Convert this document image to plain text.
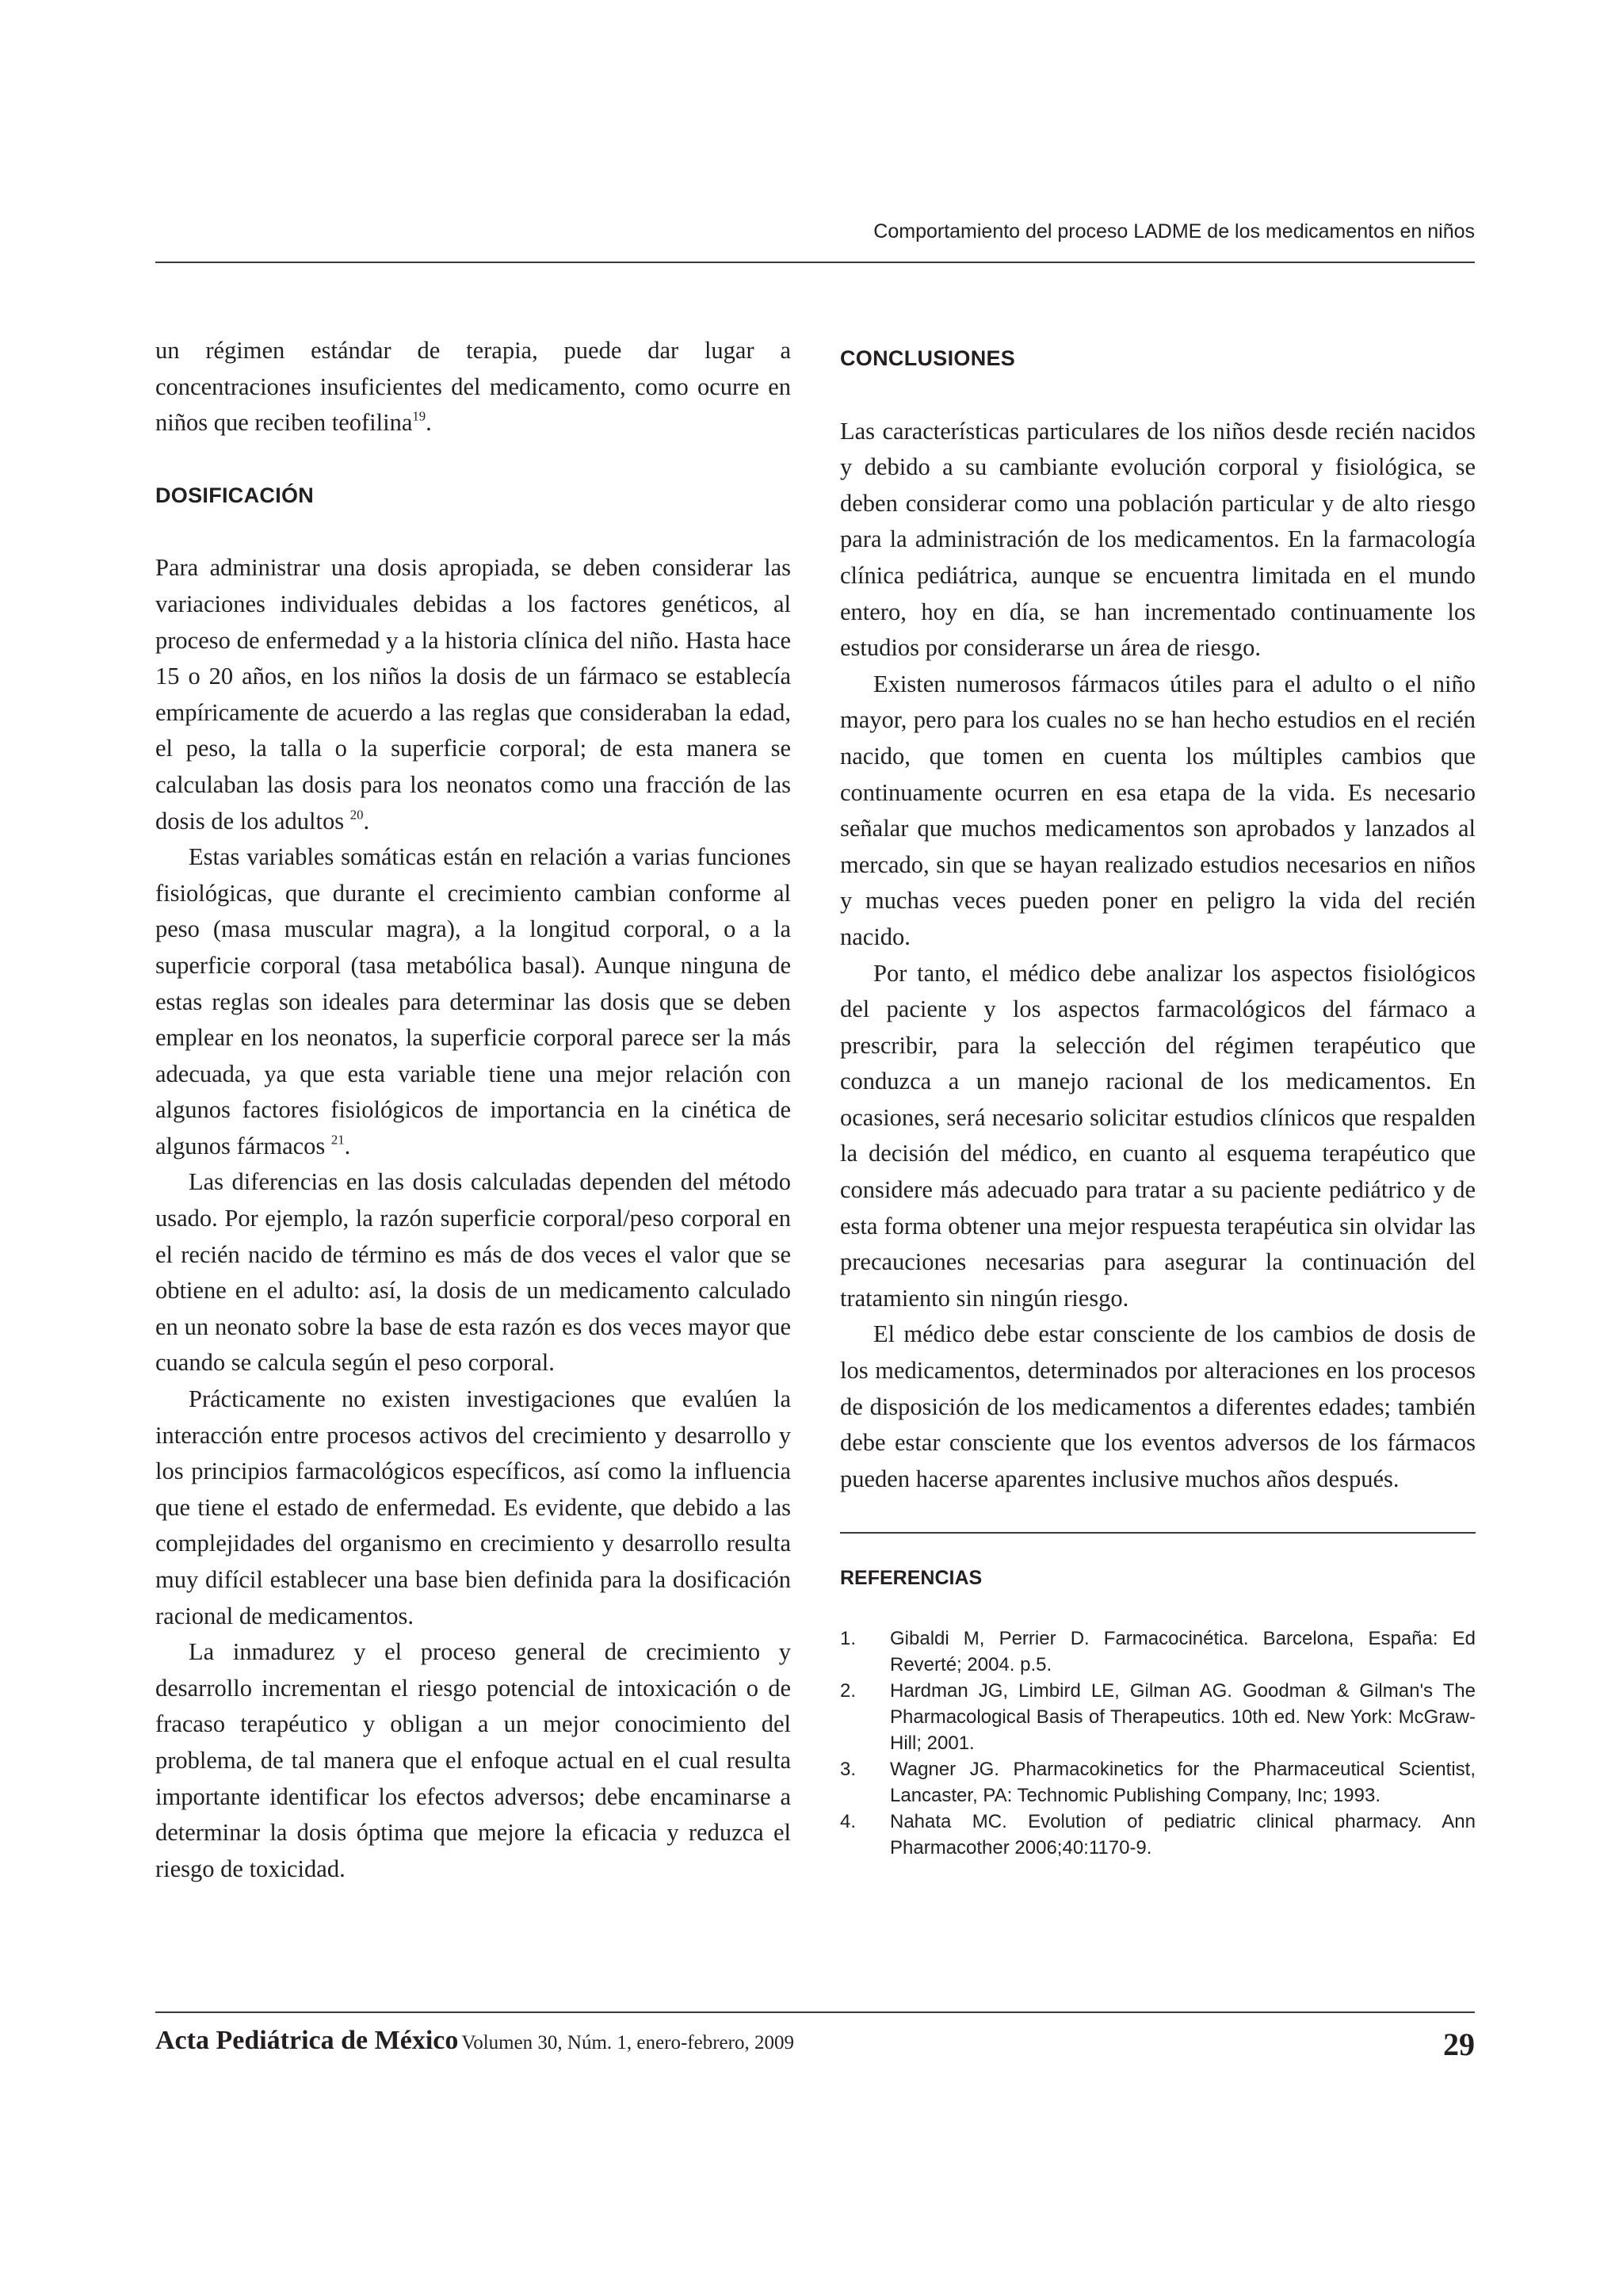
Comportamiento del proceso LADME de los medicamentos en niños

un régimen estándar de terapia, puede dar lugar a concentraciones insuficientes del medicamento, como ocurre en niños que reciben teofilina$^{19}$.

DOSIFICACIÓN

Para administrar una dosis apropiada, se deben considerar las variaciones individuales debidas a los factores genéticos, al proceso de enfermedad y a la historia clínica del niño. Hasta hace 15 o 20 años, en los niños la dosis de un fármaco se establecía empíricamente de acuerdo a las reglas que consideraban la edad, el peso, la talla o la superficie corporal; de esta manera se calculaban las dosis para los neonatos como una fracción de las dosis de los adultos $^{20}$.

Estas variables somáticas están en relación a varias funciones fisiológicas, que durante el crecimiento cambian conforme al peso (masa muscular magra), a la longitud corporal, o a la superficie corporal (tasa metabólica basal). Aunque ninguna de estas reglas son ideales para determinar las dosis que se deben emplear en los neonatos, la superficie corporal parece ser la más adecuada, ya que esta variable tiene una mejor relación con algunos factores fisiológicos de importancia en la cinética de algunos fármacos $^{21}$.

Las diferencias en las dosis calculadas dependen del método usado. Por ejemplo, la razón superficie corporal/peso corporal en el recién nacido de término es más de dos veces el valor que se obtiene en el adulto: así, la dosis de un medicamento calculado en un neonato sobre la base de esta razón es dos veces mayor que cuando se calcula según el peso corporal.

Prácticamente no existen investigaciones que evalúen la interacción entre procesos activos del crecimiento y desarrollo y los principios farmacológicos específicos, así como la influencia que tiene el estado de enfermedad. Es evidente, que debido a las complejidades del organismo en crecimiento y desarrollo resulta muy difícil establecer una base bien definida para la dosificación racional de medicamentos.

La inmadurez y el proceso general de crecimiento y desarrollo incrementan el riesgo potencial de intoxicación o de fracaso terapéutico y obligan a un mejor conocimiento del problema, de tal manera que el enfoque actual en el cual resulta importante identificar los efectos adversos; debe encaminarse a determinar la dosis óptima que mejore la eficacia y reduzca el riesgo de toxicidad.

CONCLUSIONES

Las características particulares de los niños desde recién nacidos y debido a su cambiante evolución corporal y fisiológica, se deben considerar como una población particular y de alto riesgo para la administración de los medicamentos. En la farmacología clínica pediátrica, aunque se encuentra limitada en el mundo entero, hoy en día, se han incrementado continuamente los estudios por considerarse un área de riesgo.

Existen numerosos fármacos útiles para el adulto o el niño mayor, pero para los cuales no se han hecho estudios en el recién nacido, que tomen en cuenta los múltiples cambios que continuamente ocurren en esa etapa de la vida. Es necesario señalar que muchos medicamentos son aprobados y lanzados al mercado, sin que se hayan realizado estudios necesarios en niños y muchas veces pueden poner en peligro la vida del recién nacido.

Por tanto, el médico debe analizar los aspectos fisiológicos del paciente y los aspectos farmacológicos del fármaco a prescribir, para la selección del régimen terapéutico que conduzca a un manejo racional de los medicamentos. En ocasiones, será necesario solicitar estudios clínicos que respalden la decisión del médico, en cuanto al esquema terapéutico que considere más adecuado para tratar a su paciente pediátrico y de esta forma obtener una mejor respuesta terapéutica sin olvidar las precauciones necesarias para asegurar la continuación del tratamiento sin ningún riesgo.

El médico debe estar consciente de los cambios de dosis de los medicamentos, determinados por alteraciones en los procesos de disposición de los medicamentos a diferentes edades; también debe estar consciente que los eventos adversos de los fármacos pueden hacerse aparentes inclusive muchos años después.

REFERENCIAS
1. Gibaldi M, Perrier D. Farmacocinética. Barcelona, España: Ed Reverté; 2004. p.5.
2. Hardman JG, Limbird LE, Gilman AG. Goodman & Gilman's The Pharmacological Basis of Therapeutics. 10th ed. New York: McGraw-Hill; 2001.
3. Wagner JG. Pharmacokinetics for the Pharmaceutical Scientist, Lancaster, PA: Technomic Publishing Company, Inc; 1993.
4. Nahata MC. Evolution of pediatric clinical pharmacy. Ann Pharmacother 2006;40:1170-9.
Acta Pediátrica de México Volumen 30, Núm. 1, enero-febrero, 2009	29
